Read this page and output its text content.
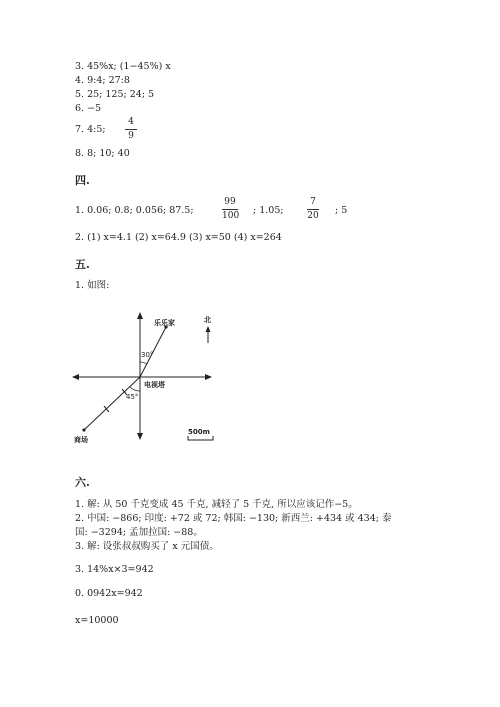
3. 45%x; (1−45%) x
4. 9:4; 27:8
5. 25; 125; 24; 5
6. −5
7. 4:5;
4
9
8. 8; 10; 40
四.
1. 0.06; 0.8; 0.056; 87.5;
99
100 ; 1.05;
7
20 ; 5
2. (1) x=4.1 (2) x=64.9 (3) x=50 (4) x=264
五.
1. 如图:
乐乐家
电视塔
商场
30°
45°
北
500m
六.
1. 解: 从 50 千克变成 45 千克, 减轻了 5 千克, 所以应该记作−5。
2. 中国: −866; 印度: +72 或 72; 韩国: −130; 新西兰: +434 或 434; 泰
国: −3294; 孟加拉国: −88。
3. 解: 设张叔叔购买了 x 元国债。
3. 14%x×3=942
0. 0942x=942
x=10000
